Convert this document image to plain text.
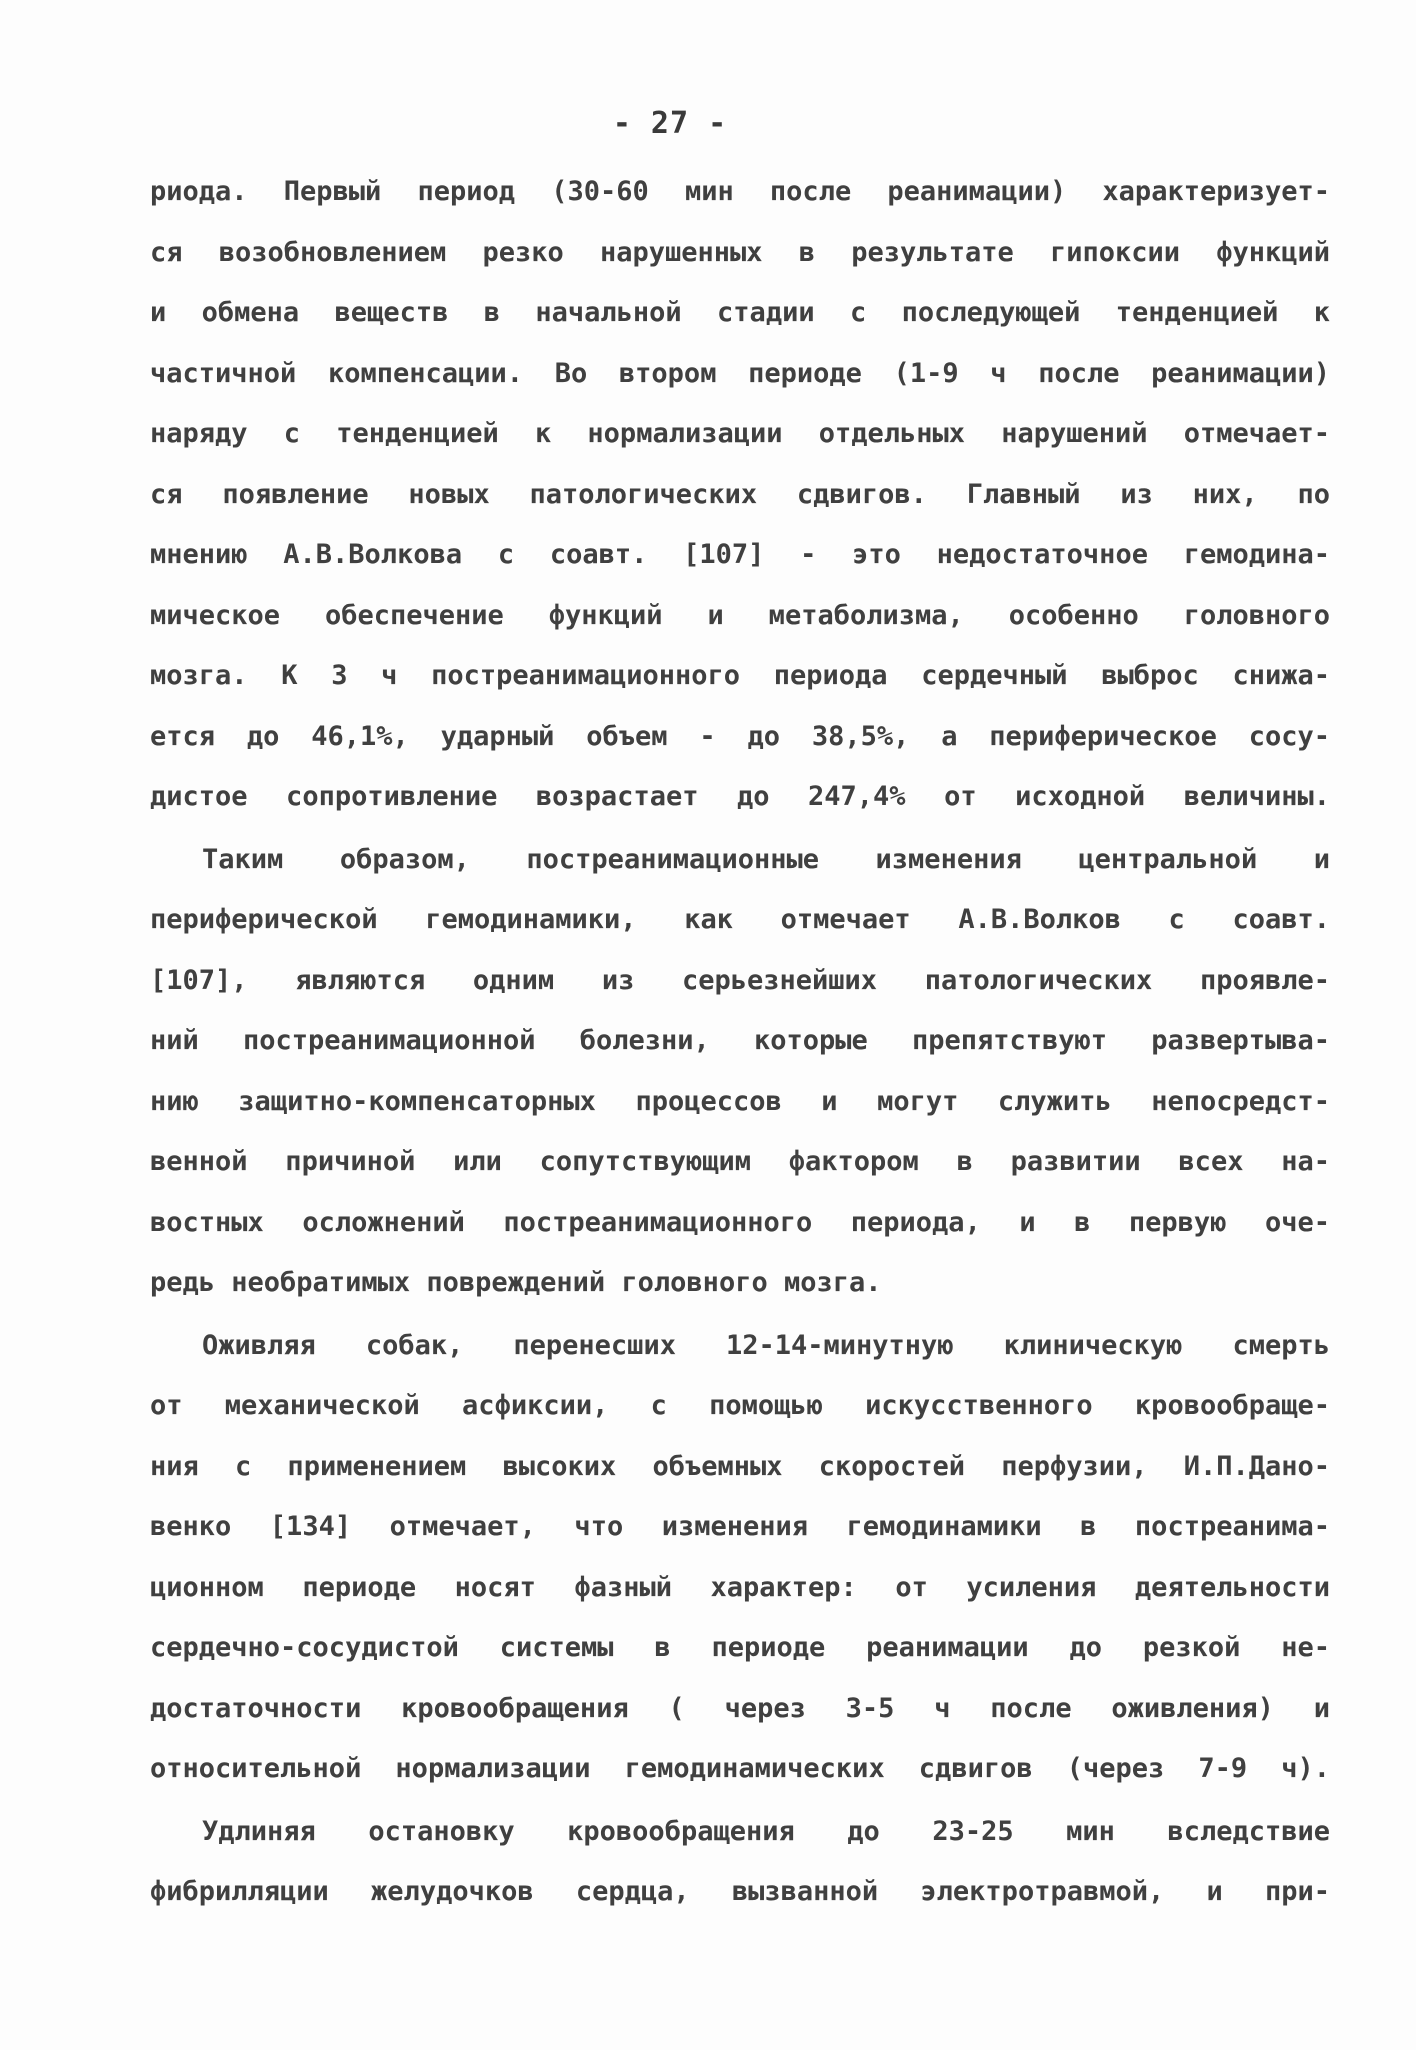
- 27 -

риода. Первый период (30-60 мин после реанимации) характеризует-
ся возобновлением резко нарушенных в результате гипоксии функций
и обмена веществ в начальной стадии с последующей тенденцией к
частичной компенсации. Во втором периоде (1-9 ч после реанимации)
наряду с тенденцией к нормализации отдельных нарушений отмечает-
ся появление новых патологических сдвигов. Главный из них, по
мнению А.В.Волкова с соавт. [107] - это недостаточное гемодина-
мическое обеспечение функций и метаболизма, особенно головного
мозга. К 3 ч постреанимационного периода сердечный выброс снижа-
ется до 46,1%, ударный объем - до 38,5%, а периферическое сосу-
дистое сопротивление возрастает до 247,4% от исходной величины.

Таким образом, постреанимационные изменения центральной и
периферической гемодинамики, как отмечает А.В.Волков с соавт.
[107], являются одним из серьезнейших патологических проявле-
ний постреанимационной болезни, которые препятствуют развертыва-
нию защитно-компенсаторных процессов и могут служить непосредст-
венной причиной или сопутствующим фактором в развитии всех на-
востных осложнений постреанимационного периода, и в первую оче-
редь необратимых повреждений головного мозга.

Оживляя собак, перенесших 12-14-минутную клиническую смерть
от механической асфиксии, с помощью искусственного кровообраще-
ния с применением высоких объемных скоростей перфузии, И.П.Дано-
венко [134] отмечает, что изменения гемодинамики в постреанима-
ционном периоде носят фазный характер: от усиления деятельности
сердечно-сосудистой системы в периоде реанимации до резкой не-
достаточности кровообращения ( через 3-5 ч после оживления) и
относительной нормализации гемодинамических сдвигов (через 7-9 ч).

Удлиняя остановку кровообращения до 23-25 мин вследствие
фибрилляции желудочков сердца, вызванной электротравмой, и при-
